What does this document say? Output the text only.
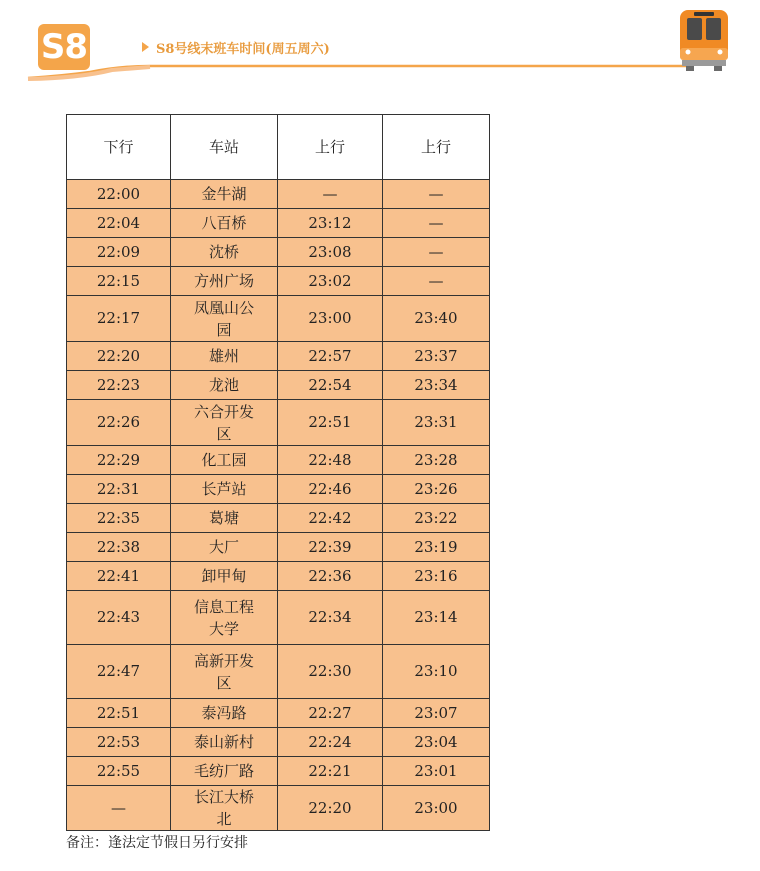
S8	S8号线末班车时间(周五周六)
下行	车站	上行	上行
22:00	金牛湖	—	—
22:04	八百桥	23:12	—
22:09	沈桥	23:08	—
22:15	方州广场	23:02	—
22:17	凤凰山公园	23:00	23:40
22:20	雄州	22:57	23:37
22:23	龙池	22:54	23:34
22:26	六合开发区	22:51	23:31
22:29	化工园	22:48	23:28
22:31	长芦站	22:46	23:26
22:35	葛塘	22:42	23:22
22:38	大厂	22:39	23:19
22:41	卸甲甸	22:36	23:16
22:43	信息工程大学	22:34	23:14
22:47	高新开发区	22:30	23:10
22:51	泰冯路	22:27	23:07
22:53	泰山新村	22:24	23:04
22:55	毛纺厂路	22:21	23:01
—	长江大桥北	22:20	23:00
备注：逢法定节假日另行安排
